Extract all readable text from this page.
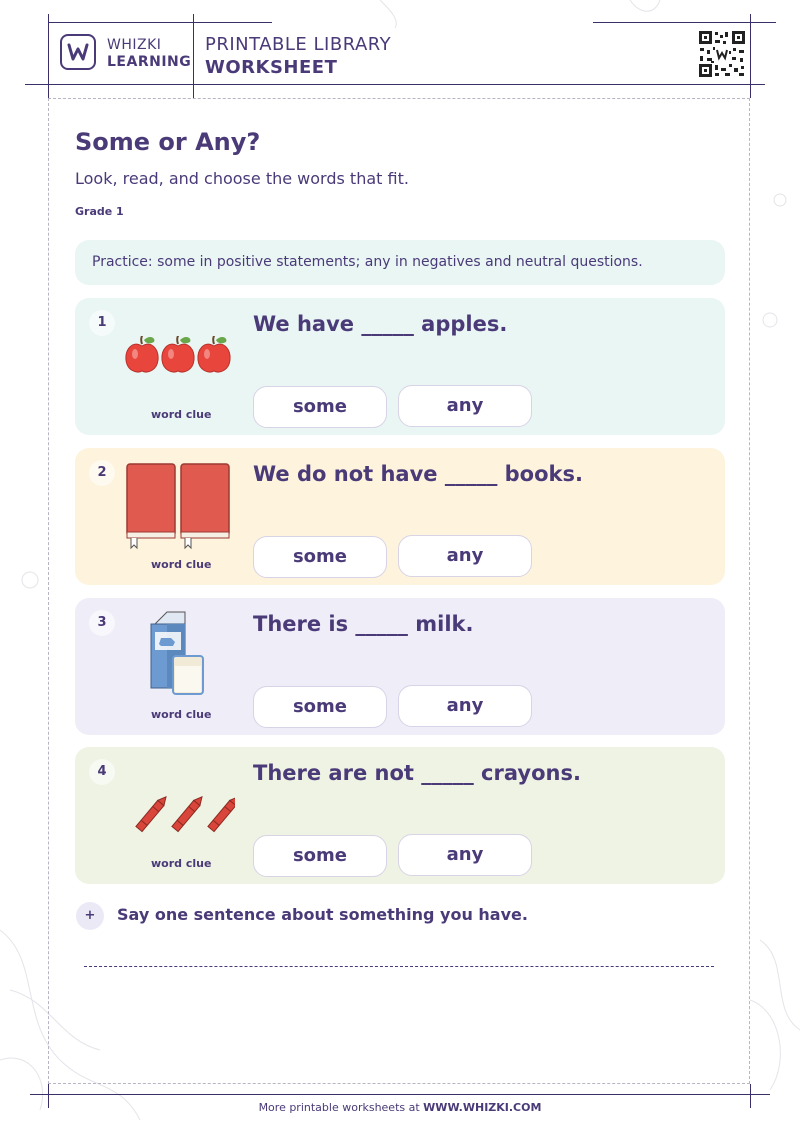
WHIZKI
LEARNING
PRINTABLE LIBRARY
WORKSHEET
Some or Any?
Look, read, and choose the words that fit.
Grade 1
Practice: some in positive statements; any in negatives and neutral questions.
1
word clue
We have _____ apples.
some	any
2
word clue
We do not have _____ books.
some	any
3
word clue
There is _____ milk.
some	any
4
word clue
There are not _____ crayons.
some	any
+	Say one sentence about something you have.
More printable worksheets at WWW.WHIZKI.COM
